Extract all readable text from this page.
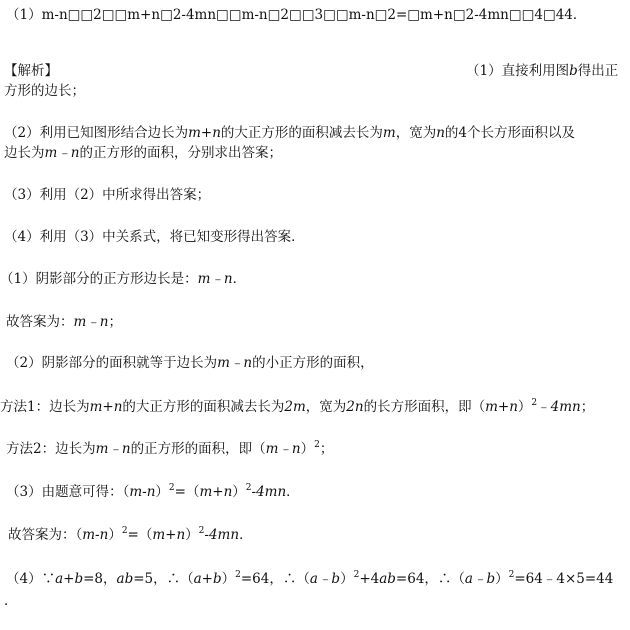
（1）m-n□□2□□m+n□2-4mn□□m-n□2□□3□□m-n□2=□m+n□2-4mn□□4□44．
【解析】	（1）直接利用图b得出正
方形的边长；
（2）利用已知图形结合边长为m+n的大正方形的面积减去长为m，宽为n的4个长方形面积以及
边长为m﹣n的正方形的面积，分别求出答案；
（3）利用（2）中所求得出答案；
（4）利用（3）中关系式，将已知变形得出答案．
（1）阴影部分的正方形边长是：m﹣n．
故答案为：m﹣n；
（2）阴影部分的面积就等于边长为m﹣n的小正方形的面积，
方法1：边长为m+n的大正方形的面积减去长为2m，宽为2n的长方形面积，即$(m+n)^2﹣4mn$；
方法2：边长为m﹣n的正方形的面积，即（m﹣n）$^2$；
（3）由题意可得：$(m-n)^2=(m+n)^2-4mn$．
故答案为：$(m-n)^2=(m+n)^2-4mn$．
（4）∵a+b=8，ab=5，$\therefore(a+b)^2=64$，∴（a﹣b）$^2$+4ab=64，∴（a﹣b）$^2$=64﹣4×5=44
．
